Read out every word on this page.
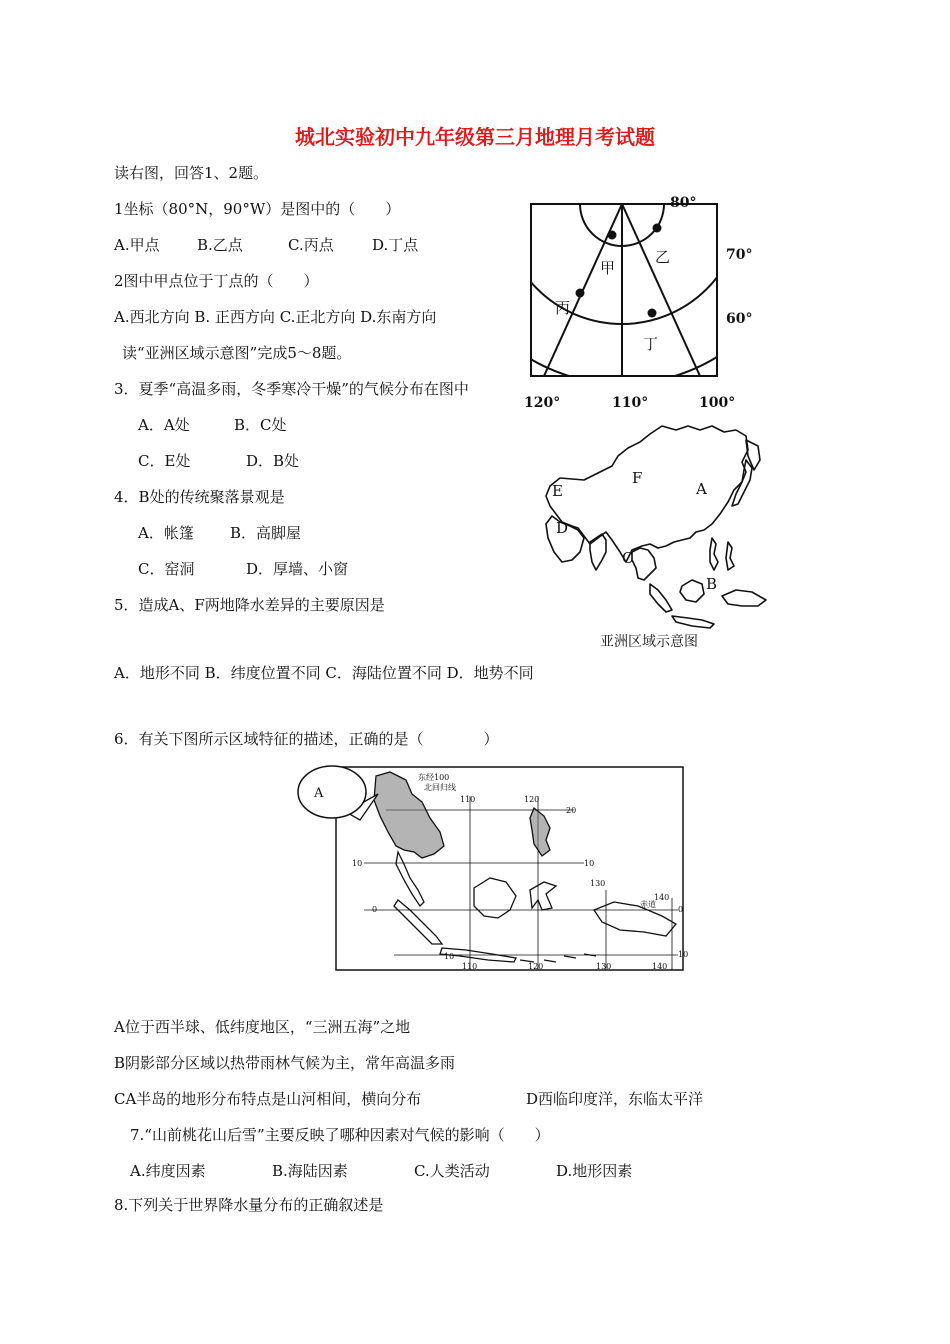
城北实验初中九年级第三月地理月考试题
读右图，回答1、2题。
1坐标（80°N，90°W）是图中的（　　）
A.甲点 B.乙点	C.丙点	D.丁点
2图中甲点位于丁点的（　　）
A.西北方向 B. 正西方向 C.正北方向 D.东南方向
读“亚洲区域示意图”完成5～8题。
3．夏季“高温多雨，冬季寒冷干燥”的气候分布在图中
A．A处	B．C处
C．E处	D．B处
4．B处的传统聚落景观是
A．帐篷 B．高脚屋
C．窑洞	D．厚墙、小窗
5．造成A、F两地降水差异的主要原因是
A．地形不同 B．纬度位置不同 C．海陆位置不同 D．地势不同
6．有关下图所示区域特征的描述，正确的是（　　　　）
A位于西半球、低纬度地区，“三洲五海”之地
B阴影部分区域以热带雨林气候为主，常年高温多雨
CA半岛的地形分布特点是山河相间，横向分布	D西临印度洋，东临太平洋
7.“山前桃花山后雪”主要反映了哪种因素对气候的影响（　　）
A.纬度因素	B.海陆因素	C.人类活动	D.地形因素
8.下列关于世界降水量分布的正确叙述是
甲
乙
丙
丁
80°
70°
60°
120°	110°	100°
E
F
A
D
C
B
亚洲区域示意图
A
东经100
北回归线
110	120
130
140
20
10
0
10
10
0
10
110	120	130	140
赤道
